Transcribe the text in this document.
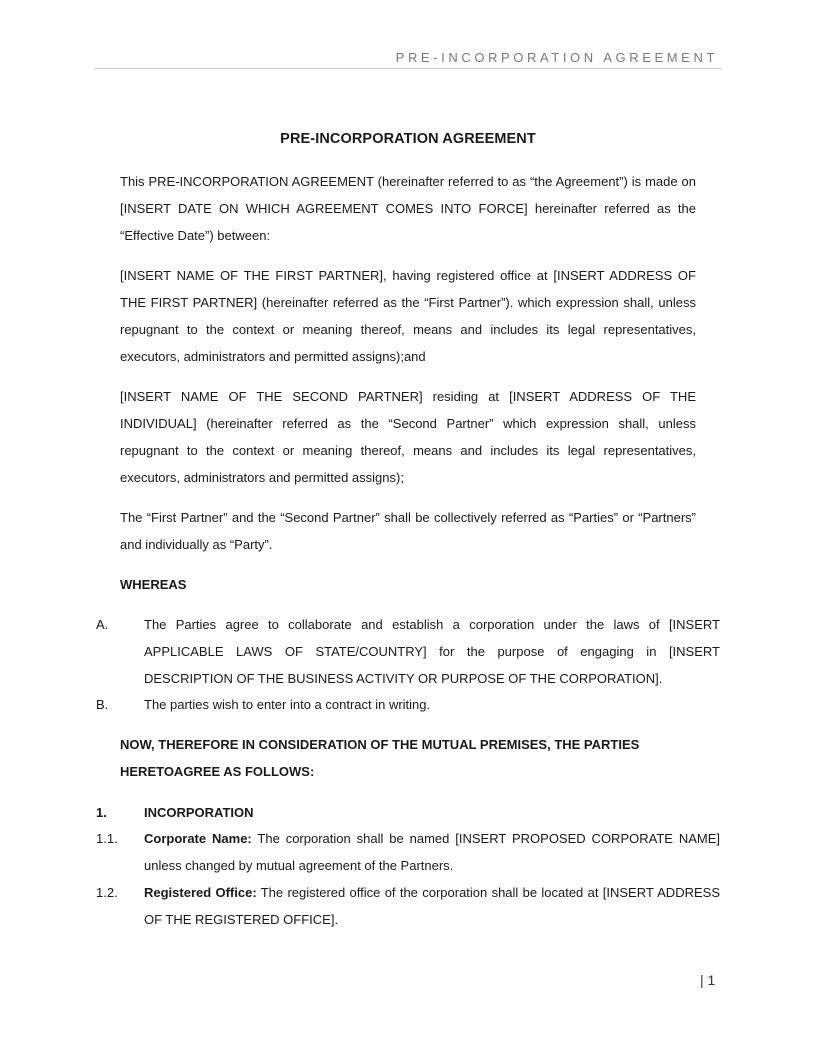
PRE-INCORPORATION AGREEMENT
PRE-INCORPORATION AGREEMENT

This PRE-INCORPORATION AGREEMENT (hereinafter referred to as “the Agreement”) is made on [INSERT DATE ON WHICH AGREEMENT COMES INTO FORCE] hereinafter referred as the “Effective Date”) between:

[INSERT NAME OF THE FIRST PARTNER], having registered office at [INSERT ADDRESS OF THE FIRST PARTNER] (hereinafter referred as the “First Partner”). which expression shall, unless repugnant to the context or meaning thereof, means and includes its legal representatives, executors, administrators and permitted assigns);and

[INSERT NAME OF THE SECOND PARTNER] residing at [INSERT ADDRESS OF THE INDIVIDUAL] (hereinafter referred as the “Second Partner” which expression shall, unless repugnant to the context or meaning thereof, means and includes its legal representatives, executors, administrators and permitted assigns);

The “First Partner” and the “Second Partner” shall be collectively referred as “Parties” or “Partners” and individually as “Party”.

WHEREAS
A.	The Parties agree to collaborate and establish a corporation under the laws of [INSERT APPLICABLE LAWS OF STATE/COUNTRY] for the purpose of engaging in [INSERT DESCRIPTION OF THE BUSINESS ACTIVITY OR PURPOSE OF THE CORPORATION].

B.	The parties wish to enter into a contract in writing.

NOW, THEREFORE IN CONSIDERATION OF THE MUTUAL PREMISES, THE PARTIES HERETOAGREE AS FOLLOWS:

1.	INCORPORATION
1.1. Corporate Name: The corporation shall be named [INSERT PROPOSED CORPORATE NAME] unless changed by mutual agreement of the Partners.

1.2. Registered Office: The registered office of the corporation shall be located at [INSERT ADDRESS OF THE REGISTERED OFFICE].

| 1
